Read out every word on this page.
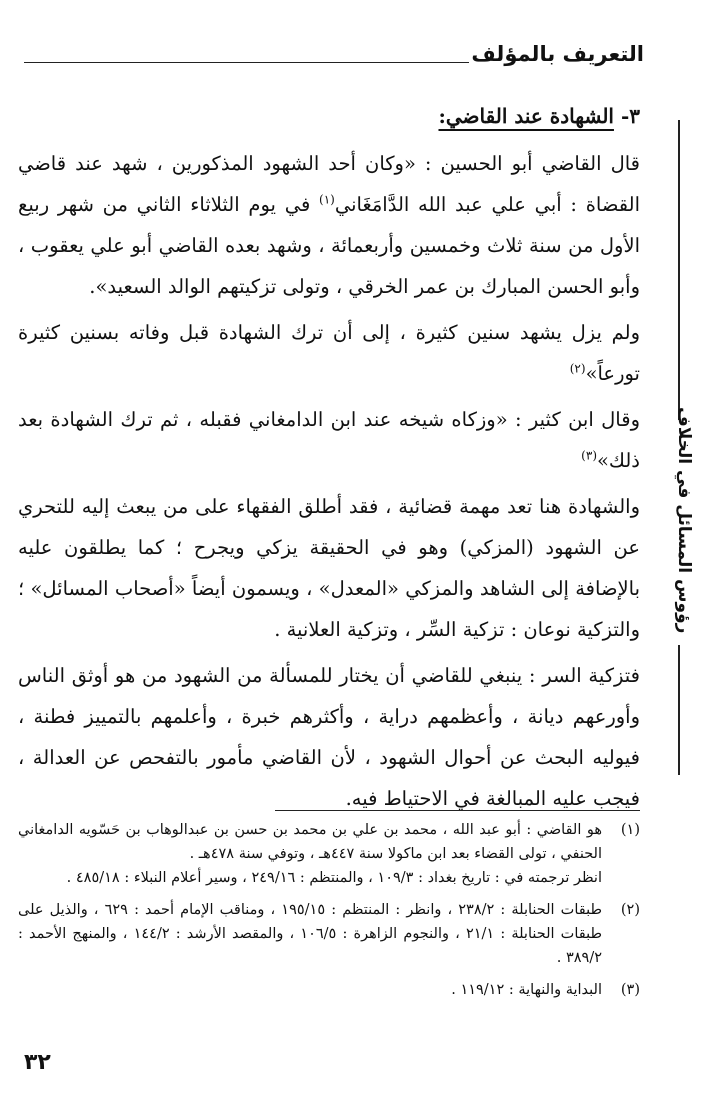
التعريف بالمؤلف
رؤوس المسائل في الخلاف

٣- الشهادة عند القاضي:

قال القاضي أبو الحسين : «وكان أحد الشهود المذكورين ، شهد عند قاضي القضاة : أبي علي عبد الله الدَّامَغَاني$^{(١)}$ في يوم الثلاثاء الثاني من شهر ربيع الأول من سنة ثلاث وخمسين وأربعمائة ، وشهد بعده القاضي أبو علي يعقوب ، وأبو الحسن المبارك بن عمر الخرقي ، وتولى تزكيتهم الوالد السعيد».

ولم يزل يشهد سنين كثيرة ، إلى أن ترك الشهادة قبل وفاته بسنين كثيرة تورعاً»$^{(٢)}$

وقال ابن كثير : «وزكاه شيخه عند ابن الدامغاني فقبله ، ثم ترك الشهادة بعد ذلك»$^{(٣)}$

والشهادة هنا تعد مهمة قضائية ، فقد أطلق الفقهاء على من يبعث إليه للتحري عن الشهود (المزكي) وهو في الحقيقة يزكي ويجرح ؛ كما يطلقون عليه بالإضافة إلى الشاهد والمزكي «المعدل» ، ويسمون أيضاً «أصحاب المسائل» ؛ والتزكية نوعان : تزكية السِّر ، وتزكية العلانية .

فتزكية السر : ينبغي للقاضي أن يختار للمسألة من الشهود من هو أوثق الناس وأورعهم ديانة ، وأعظمهم دراية ، وأكثرهم خبرة ، وأعلمهم بالتمييز فطنة ، فيوليه البحث عن أحوال الشهود ، لأن القاضي مأمور بالتفحص عن العدالة ، فيجب عليه المبالغة في الاحتياط فيه.

(١)
هو القاضي : أبو عبد الله ، محمد بن علي بن محمد بن حسن بن عبدالوهاب بن حَسّويه الدامغاني الحنفي ، تولى القضاء بعد ابن ماكولا سنة ٤٤٧هـ ، وتوفي سنة ٤٧٨هـ .
انظر ترجمته في : تاريخ بغداد : ١٠٩/٣ ، والمنتظم : ٢٤٩/١٦ ، وسير أعلام النبلاء : ٤٨٥/١٨ .
(٢)
طبقات الحنابلة : ٢٣٨/٢ ، وانظر : المنتظم : ١٩٥/١٥ ، ومناقب الإمام أحمد : ٦٢٩ ، والذيل على طبقات الحنابلة : ٢١/١ ، والنجوم الزاهرة : ١٠٦/٥ ، والمقصد الأرشد : ١٤٤/٢ ، والمنهج الأحمد : ٣٨٩/٢ .
(٣)
البداية والنهاية : ١١٩/١٢ .
٣٢
